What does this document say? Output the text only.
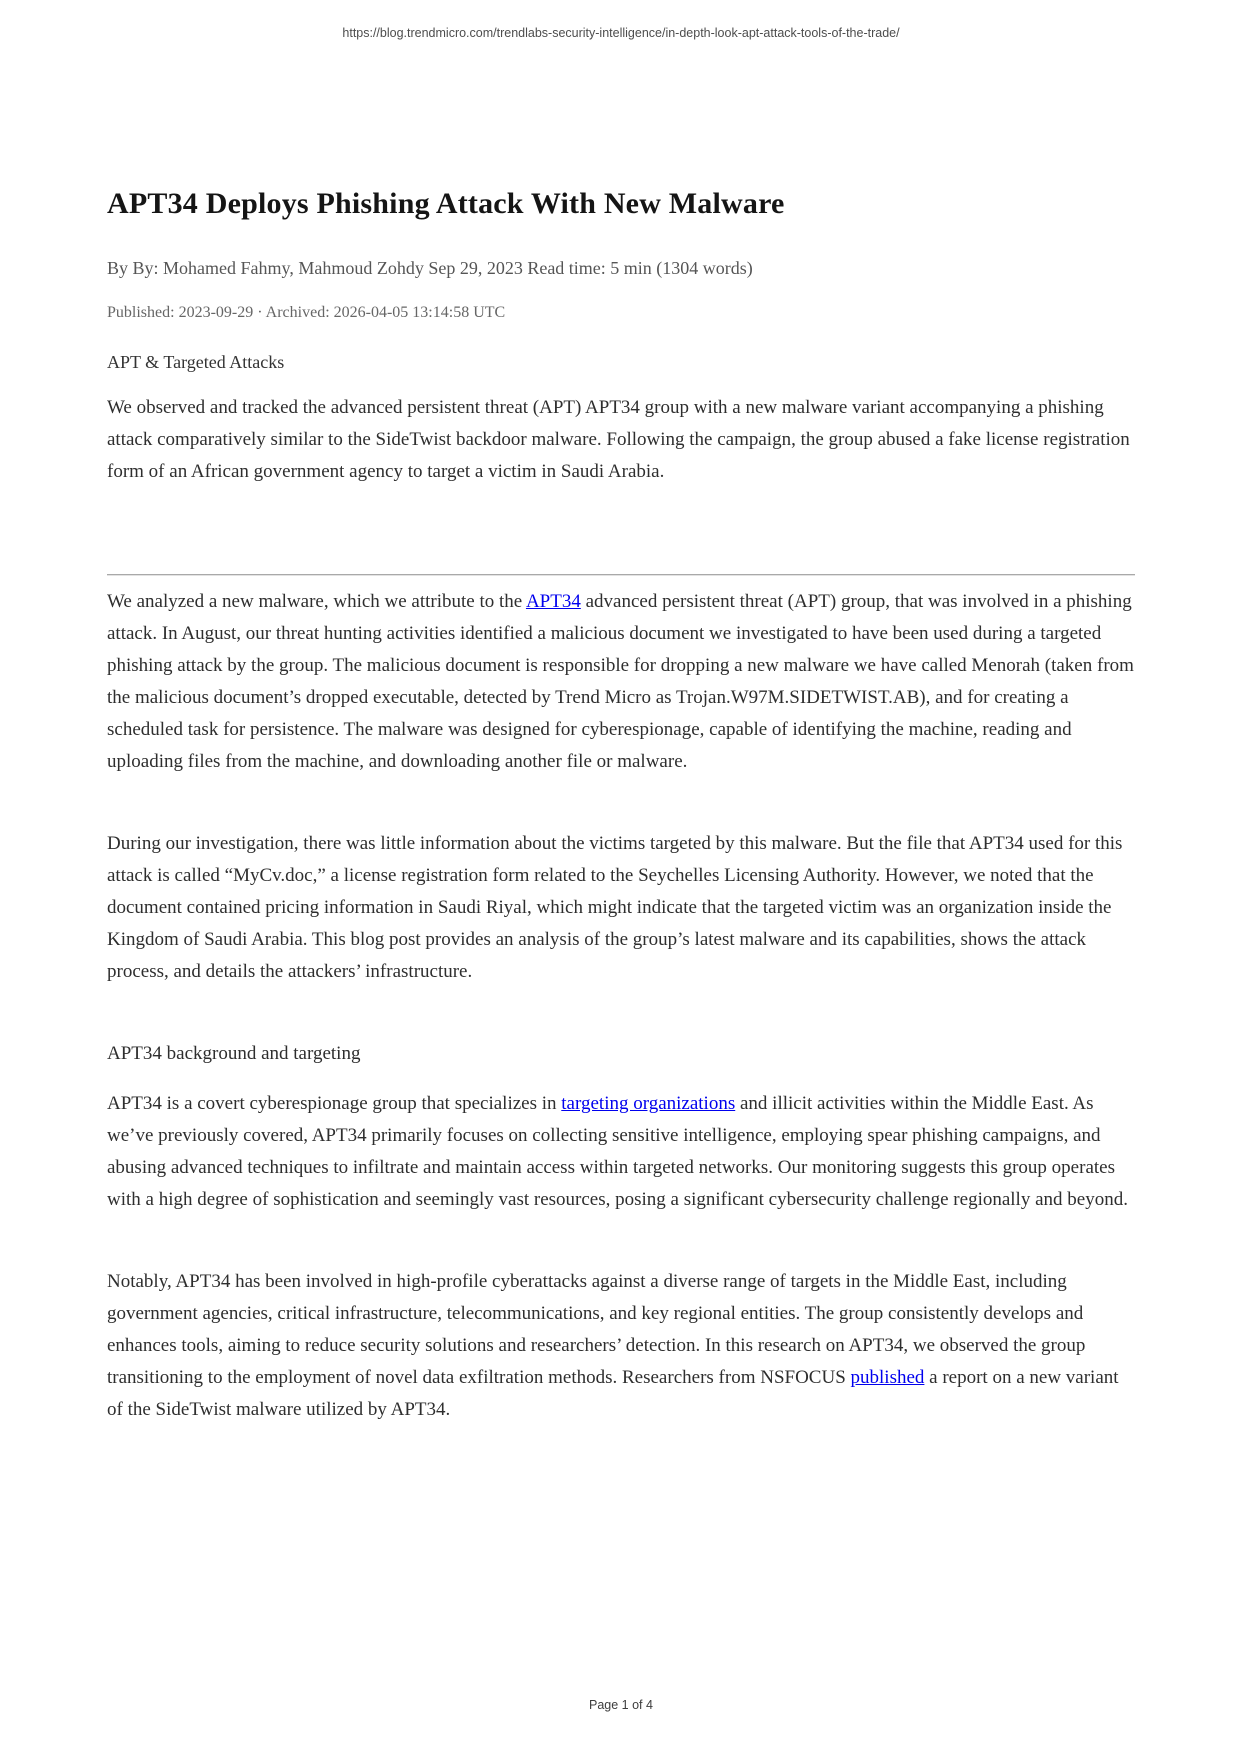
https://blog.trendmicro.com/trendlabs-security-intelligence/in-depth-look-apt-attack-tools-of-the-trade/
APT34 Deploys Phishing Attack With New Malware

By By: Mohamed Fahmy, Mahmoud Zohdy Sep 29, 2023 Read time: 5 min (1304 words)

Published: 2023-09-29 · Archived: 2026-04-05 13:14:58 UTC

APT & Targeted Attacks

We observed and tracked the advanced persistent threat (APT) APT34 group with a new malware variant accompanying a phishing attack comparatively similar to the SideTwist backdoor malware. Following the campaign, the group abused a fake license registration form of an African government agency to target a victim in Saudi Arabia.

We analyzed a new malware, which we attribute to the APT34 advanced persistent threat (APT) group, that was involved in a phishing attack. In August, our threat hunting activities identified a malicious document we investigated to have been used during a targeted phishing attack by the group. The malicious document is responsible for dropping a new malware we have called Menorah (taken from the malicious document’s dropped executable, detected by Trend Micro as Trojan.W97M.SIDETWIST.AB), and for creating a scheduled task for persistence. The malware was designed for cyberespionage, capable of identifying the machine, reading and uploading files from the machine, and downloading another file or malware.

During our investigation, there was little information about the victims targeted by this malware. But the file that APT34 used for this attack is called “MyCv.doc,” a license registration form related to the Seychelles Licensing Authority. However, we noted that the document contained pricing information in Saudi Riyal, which might indicate that the targeted victim was an organization inside the Kingdom of Saudi Arabia. This blog post provides an analysis of the group’s latest malware and its capabilities, shows the attack process, and details the attackers’ infrastructure.

APT34 background and targeting

APT34 is a covert cyberespionage group that specializes in targeting organizations and illicit activities within the Middle East. As we’ve previously covered, APT34 primarily focuses on collecting sensitive intelligence, employing spear phishing campaigns, and abusing advanced techniques to infiltrate and maintain access within targeted networks. Our monitoring suggests this group operates with a high degree of sophistication and seemingly vast resources, posing a significant cybersecurity challenge regionally and beyond.

Notably, APT34 has been involved in high-profile cyberattacks against a diverse range of targets in the Middle East, including government agencies, critical infrastructure, telecommunications, and key regional entities. The group consistently develops and enhances tools, aiming to reduce security solutions and researchers’ detection. In this research on APT34, we observed the group transitioning to the employment of novel data exfiltration methods. Researchers from NSFOCUS published a report on a new variant of the SideTwist malware utilized by APT34.

Page 1 of 4
